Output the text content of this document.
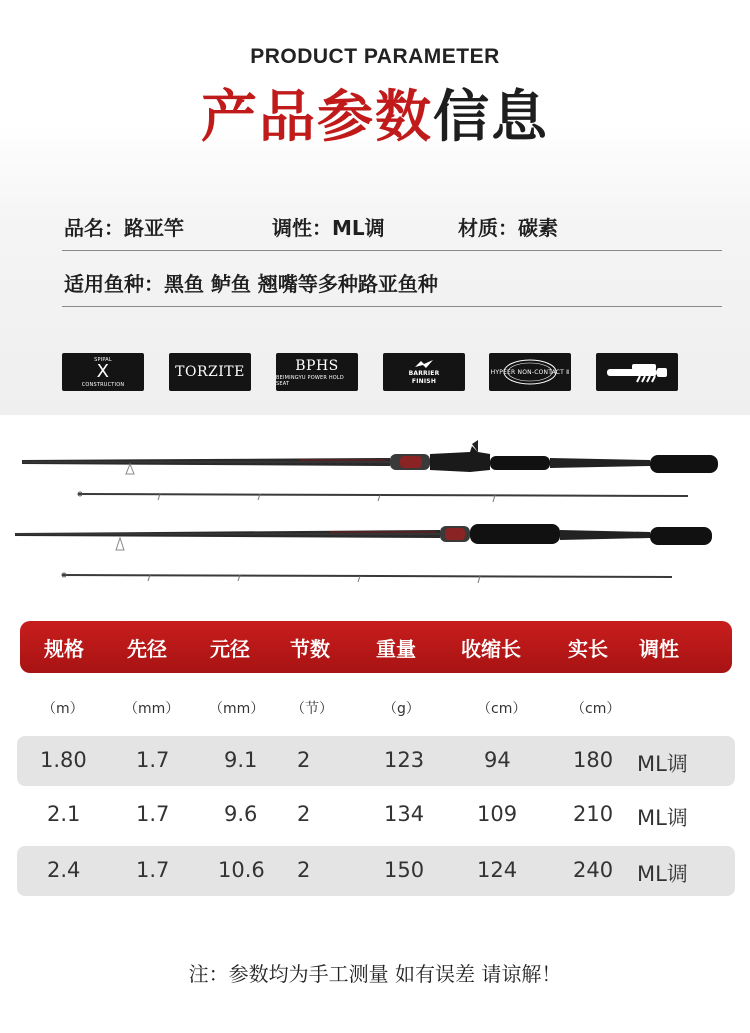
PRODUCT PARAMETER
产品参数信息
品名：路亚竿	调性：ML调	材质：碳素
适用鱼种：黑鱼 鲈鱼 翘嘴等多种路亚鱼种
SPIPAL
X
CONSTRUCTION
TORZITE	BPHS
BEIMINGYU POWER HOLD SEAT
BARRIER
FINISH
HYPEER NON-CONTACT Ⅱ
规格 先径 元径 节数 重量 收缩长 实长 调性
（m）	（mm） （mm） （节）	（g）	（cm）	（cm）
1.80 1.7	9.1 2	123	94	180 ML调
2.1	1.7	9.6 2	134	109	210 ML调
2.4	1.7 10.6 2	150	124	240 ML调
注：参数均为手工测量 如有误差 请谅解！
